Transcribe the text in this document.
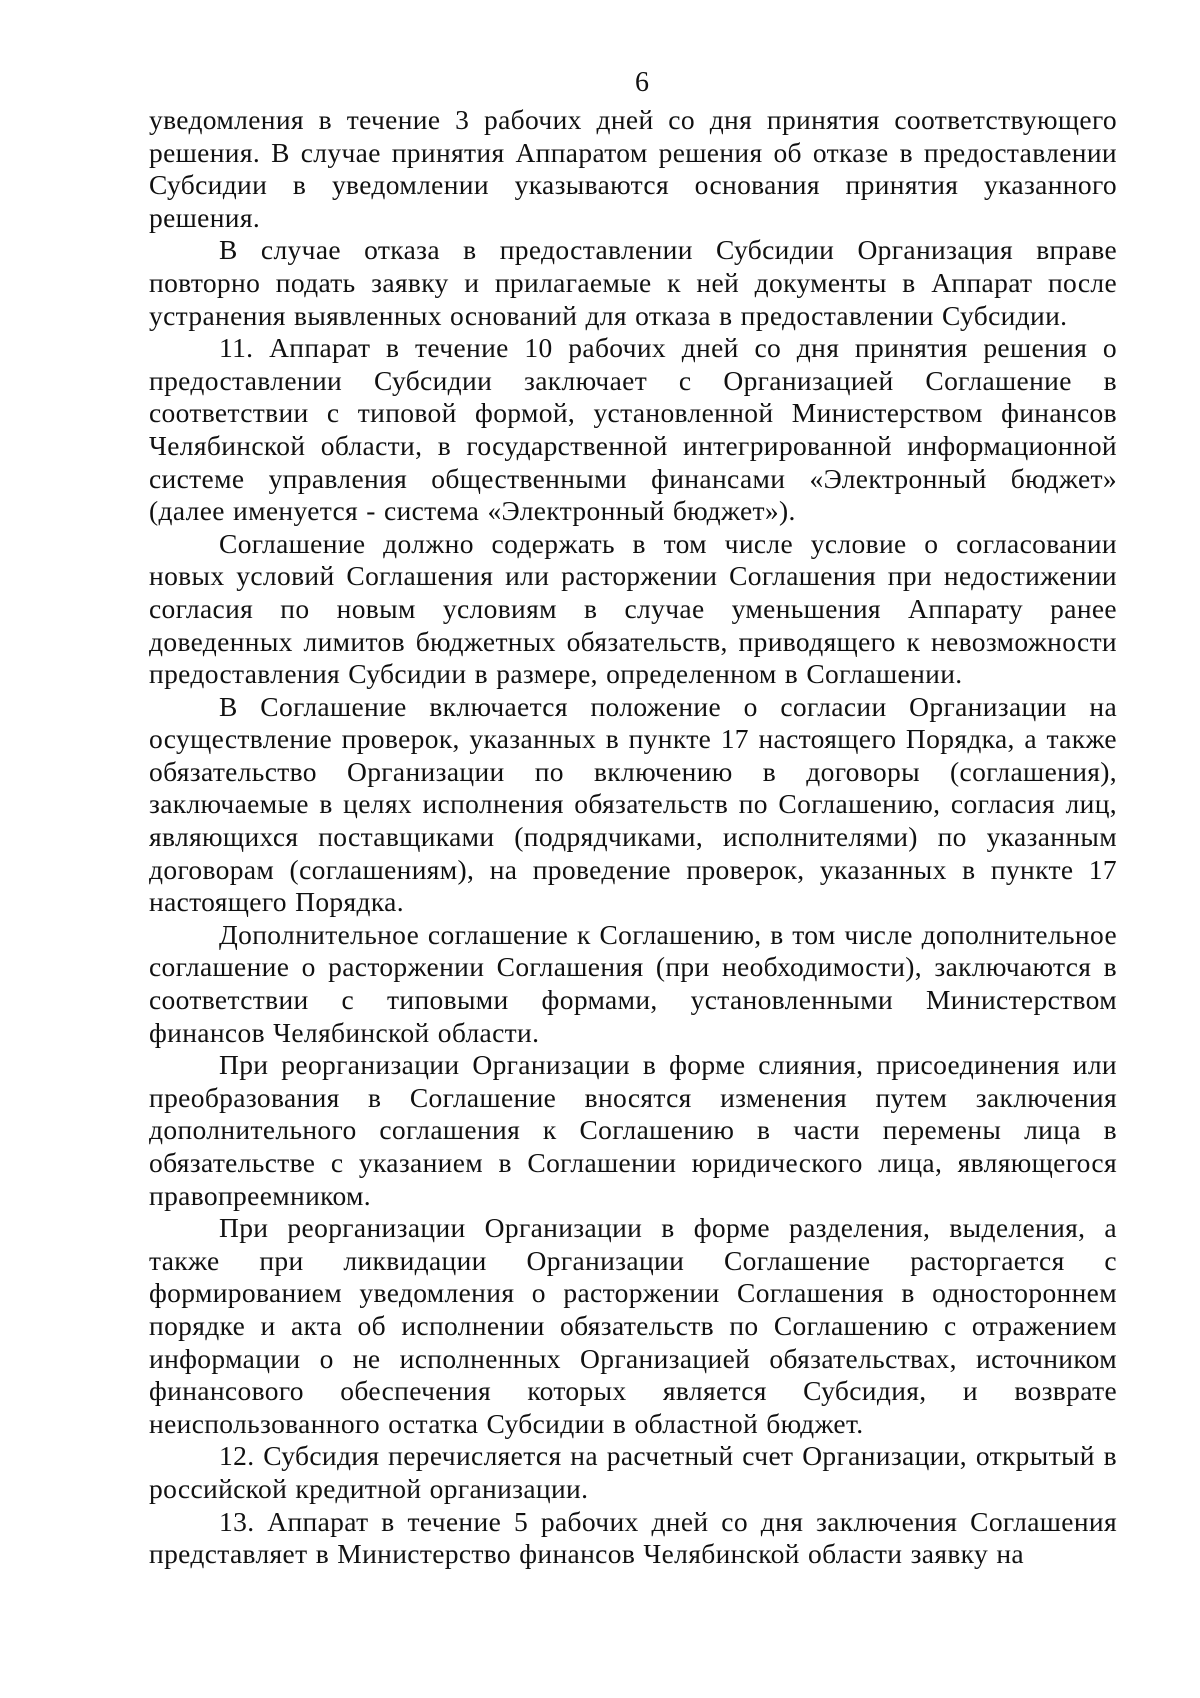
6

уведомления в течение 3 рабочих дней со дня принятия соответствующего решения. В случае принятия Аппаратом решения об отказе в предоставлении Субсидии в уведомлении указываются основания принятия указанного решения.

В случае отказа в предоставлении Субсидии Организация вправе повторно подать заявку и прилагаемые к ней документы в Аппарат после устранения выявленных оснований для отказа в предоставлении Субсидии.

11. Аппарат в течение 10 рабочих дней со дня принятия решения о предоставлении Субсидии заключает с Организацией Соглашение в соответствии с типовой формой, установленной Министерством финансов Челябинской области, в государственной интегрированной информационной системе управления общественными финансами «Электронный бюджет» (далее именуется - система «Электронный бюджет»).

Соглашение должно содержать в том числе условие о согласовании новых условий Соглашения или расторжении Соглашения при недостижении согласия по новым условиям в случае уменьшения Аппарату ранее доведенных лимитов бюджетных обязательств, приводящего к невозможности предоставления Субсидии в размере, определенном в Соглашении.

В Соглашение включается положение о согласии Организации на осуществление проверок, указанных в пункте 17 настоящего Порядка, а также обязательство Организации по включению в договоры (соглашения), заключаемые в целях исполнения обязательств по Соглашению, согласия лиц, являющихся поставщиками (подрядчиками, исполнителями) по указанным договорам (соглашениям), на проведение проверок, указанных в пункте 17 настоящего Порядка.

Дополнительное соглашение к Соглашению, в том числе дополнительное соглашение о расторжении Соглашения (при необходимости), заключаются в соответствии с типовыми формами, установленными Министерством финансов Челябинской области.

При реорганизации Организации в форме слияния, присоединения или преобразования в Соглашение вносятся изменения путем заключения дополнительного соглашения к Соглашению в части перемены лица в обязательстве с указанием в Соглашении юридического лица, являющегося правопреемником.

При реорганизации Организации в форме разделения, выделения, а также при ликвидации Организации Соглашение расторгается с формированием уведомления о расторжении Соглашения в одностороннем порядке и акта об исполнении обязательств по Соглашению с отражением информации о не исполненных Организацией обязательствах, источником финансового обеспечения которых является Субсидия, и возврате неиспользованного остатка Субсидии в областной бюджет.

12. Субсидия перечисляется на расчетный счет Организации, открытый в российской кредитной организации.

13. Аппарат в течение 5 рабочих дней со дня заключения Соглашения представляет в Министерство финансов Челябинской области заявку на
